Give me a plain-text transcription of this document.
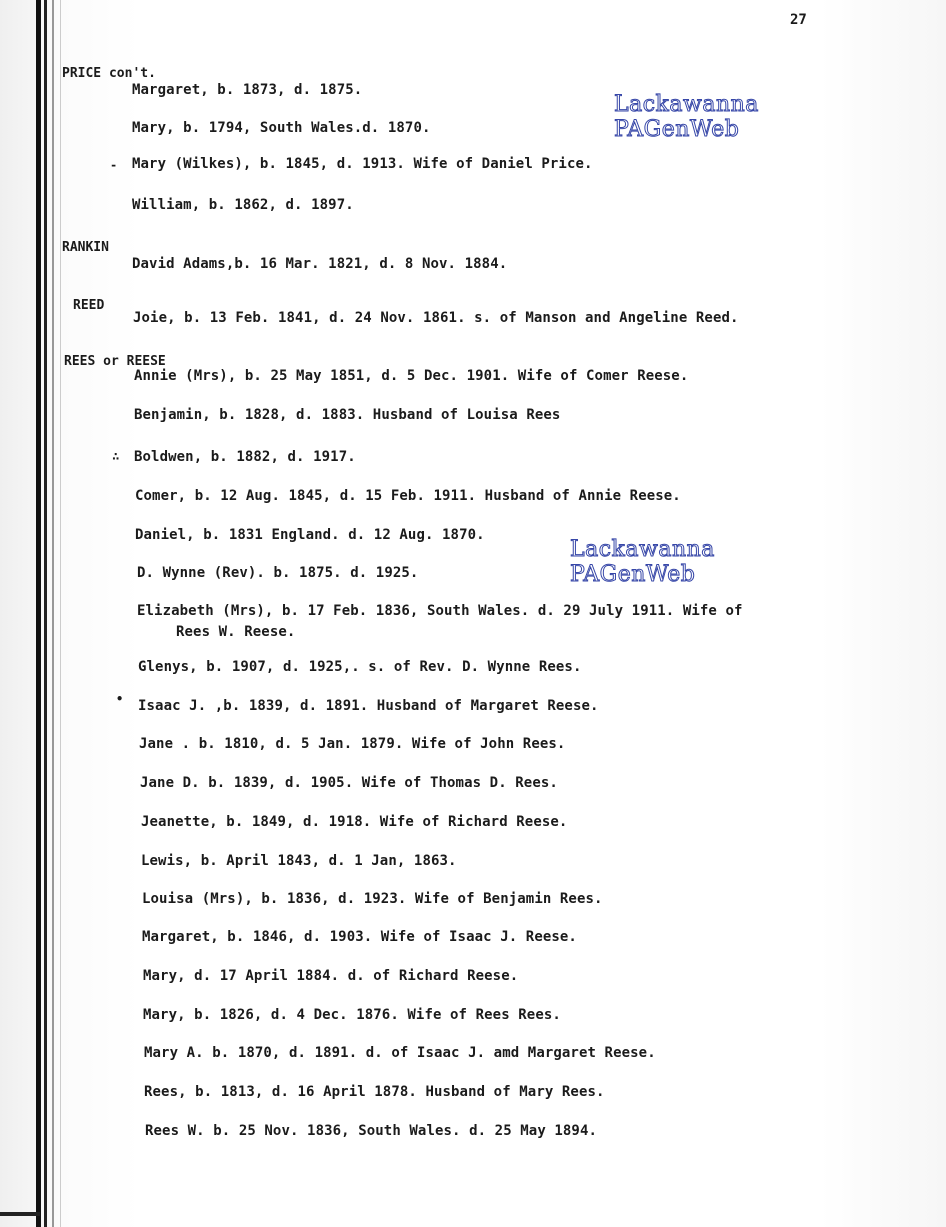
27
Lackawanna
PAGenWeb
Lackawanna
PAGenWeb
PRICE con't.
Margaret, b. 1873, d. 1875.
Mary, b. 1794, South Wales.d. 1870.
- Mary (Wilkes), b. 1845, d. 1913. Wife of Daniel Price.
William, b. 1862, d. 1897.
RANKIN
David Adams,b. 16 Mar. 1821, d. 8 Nov. 1884.
REED
Joie, b. 13 Feb. 1841, d. 24 Nov. 1861. s. of Manson and Angeline Reed.
REES or REESE
Annie (Mrs), b. 25 May 1851, d. 5 Dec. 1901. Wife of Comer Reese.
Benjamin, b. 1828, d. 1883. Husband of Louisa Rees
∴ Boldwen, b. 1882, d. 1917.
Comer, b. 12 Aug. 1845, d. 15 Feb. 1911. Husband of Annie Reese.
Daniel, b. 1831 England. d. 12 Aug. 1870.
D. Wynne (Rev). b. 1875. d. 1925.
Elizabeth (Mrs), b. 17 Feb. 1836, South Wales. d. 29 July 1911. Wife of
Rees W. Reese.
Glenys, b. 1907, d. 1925,. s. of Rev. D. Wynne Rees.
• Isaac J. ,b. 1839, d. 1891. Husband of Margaret Reese.
Jane . b. 1810, d. 5 Jan. 1879. Wife of John Rees.
Jane D. b. 1839, d. 1905. Wife of Thomas D. Rees.
Jeanette, b. 1849, d. 1918. Wife of Richard Reese.
Lewis, b. April 1843, d. 1 Jan, 1863.
Louisa (Mrs), b. 1836, d. 1923. Wife of Benjamin Rees.
Margaret, b. 1846, d. 1903. Wife of Isaac J. Reese.
Mary, d. 17 April 1884. d. of Richard Reese.
Mary, b. 1826, d. 4 Dec. 1876. Wife of Rees Rees.
Mary A. b. 1870, d. 1891. d. of Isaac J. amd Margaret Reese.
Rees, b. 1813, d. 16 April 1878. Husband of Mary Rees.
Rees W. b. 25 Nov. 1836, South Wales. d. 25 May 1894.
